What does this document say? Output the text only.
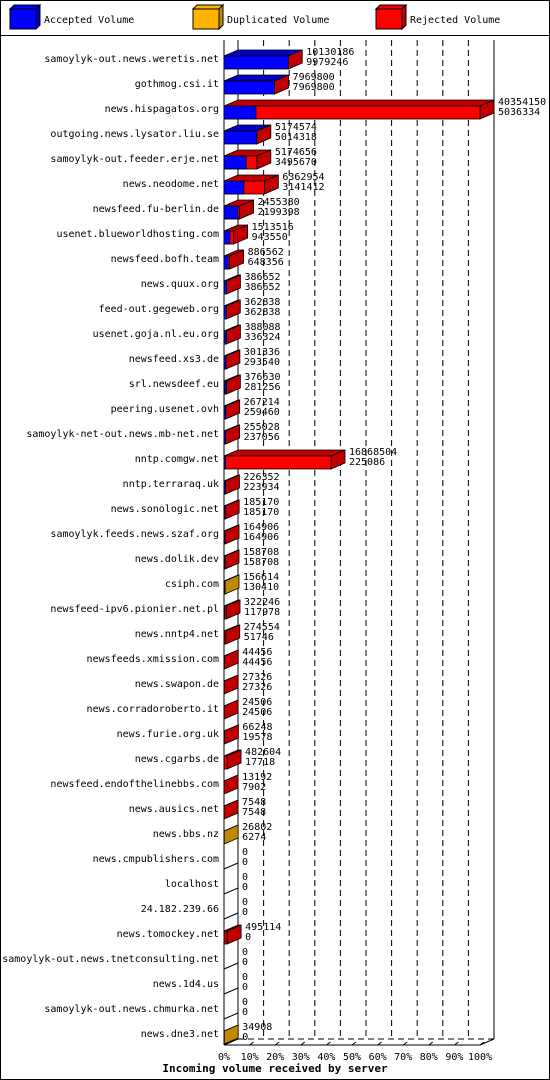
Accepted Volume	Duplicated Volume	Rejected Volume
0% 10% 20% 30% 40% 50% 60% 70% 80% 90% 100%
Incoming volume received by server
samoylyk-out.news.weretis.net
10130186
9979246
gothmog.csi.it
7969800
7969800
news.hispagatos.org
40354150
5036334
outgoing.news.lysator.liu.se
5174574
5014318
samoylyk-out.feeder.erje.net
5174656
3495670
news.neodome.net
6362954
3141412
newsfeed.fu-berlin.de
2455380
2199398
usenet.blueworldhosting.com
1513516
943550
newsfeed.bofh.team
886562
648356
news.quux.org
386652
386652
feed-out.gegeweb.org
362838
362838
usenet.goja.nl.eu.org
388088
336324
newsfeed.xs3.de
301336
293540
srl.newsdeef.eu
376630
281256
peering.usenet.ovh
267214
259460
samoylyk-net-out.news.mb-net.net
255028
237056
nntp.comgw.net
16868504
225086
nntp.terraraq.uk
226352
223934
news.sonologic.net
185170
185170
samoylyk.feeds.news.szaf.org
164906
164906
news.dolik.dev
158708
158708
csiph.com
156614
130410
newsfeed-ipv6.pionier.net.pl
322246
117978
news.nntp4.net
274554
51746
newsfeeds.xmission.com
44456
44456
news.swapon.de
27326
27326
news.corradoroberto.it
24506
24506
news.furie.org.uk
66248
19578
news.cgarbs.de
482604
17718
newsfeed.endofthelinebbs.com
13192
7902
news.ausics.net
7548
7548
news.bbs.nz
26802
6274
news.cmpublishers.com
0
0
localhost
0
0
24.182.239.66
0
0
news.tomockey.net
495114
0
samoylyk-out.news.tnetconsulting.net
0
0
news.1d4.us
0
0
samoylyk-out.news.chmurka.net
0
0
news.dne3.net
34908
0
